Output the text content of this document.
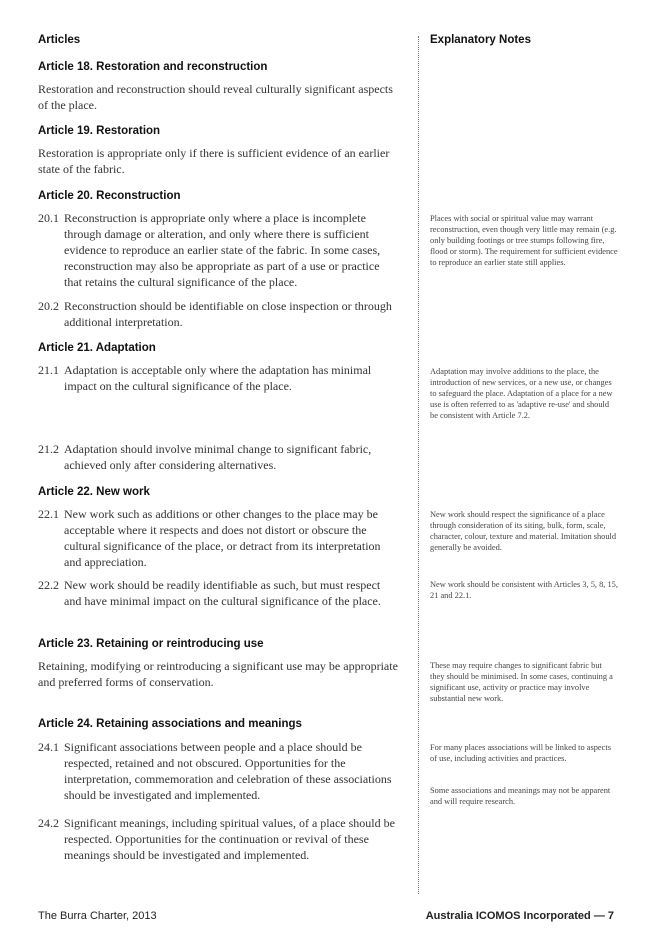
Articles	Explanatory Notes
Article 18. Restoration and reconstruction
Restoration and reconstruction should reveal culturally significant aspects of the place.
Article 19. Restoration
Restoration is appropriate only if there is sufficient evidence of an earlier state of the fabric.
Article 20. Reconstruction
20.1 Reconstruction is appropriate only where a place is incomplete through damage or alteration, and only where there is sufficient evidence to reproduce an earlier state of the fabric. In some cases, reconstruction may also be appropriate as part of a use or practice that retains the cultural significance of the place.
20.2 Reconstruction should be identifiable on close inspection or through additional interpretation.
Places with social or spiritual value may warrant reconstruction, even though very little may remain (e.g. only building footings or tree stumps following fire, flood or storm). The requirement for sufficient evidence to reproduce an earlier state still applies.
Article 21. Adaptation
21.1 Adaptation is acceptable only where the adaptation has minimal impact on the cultural significance of the place.
21.2 Adaptation should involve minimal change to significant fabric, achieved only after considering alternatives.
Adaptation may involve additions to the place, the introduction of new services, or a new use, or changes to safeguard the place. Adaptation of a place for a new use is often referred to as 'adaptive re-use' and should be consistent with Article 7.2.
Article 22. New work
22.1 New work such as additions or other changes to the place may be acceptable where it respects and does not distort or obscure the cultural significance of the place, or detract from its interpretation and appreciation.
22.2 New work should be readily identifiable as such, but must respect and have minimal impact on the cultural significance of the place.
New work should respect the significance of a place through consideration of its siting, bulk, form, scale, character, colour, texture and material. Imitation should generally be avoided.
New work should be consistent with Articles 3, 5, 8, 15, 21 and 22.1.
Article 23. Retaining or reintroducing use
Retaining, modifying or reintroducing a significant use may be appropriate and preferred forms of conservation.
These may require changes to significant fabric but they should be minimised. In some cases, continuing a significant use, activity or practice may involve substantial new work.
Article 24. Retaining associations and meanings
24.1 Significant associations between people and a place should be respected, retained and not obscured. Opportunities for the interpretation, commemoration and celebration of these associations should be investigated and implemented.
24.2 Significant meanings, including spiritual values, of a place should be respected. Opportunities for the continuation or revival of these meanings should be investigated and implemented.
For many places associations will be linked to aspects of use, including activities and practices.
Some associations and meanings may not be apparent and will require research.
The Burra Charter, 2013	Australia ICOMOS Incorporated — 7
